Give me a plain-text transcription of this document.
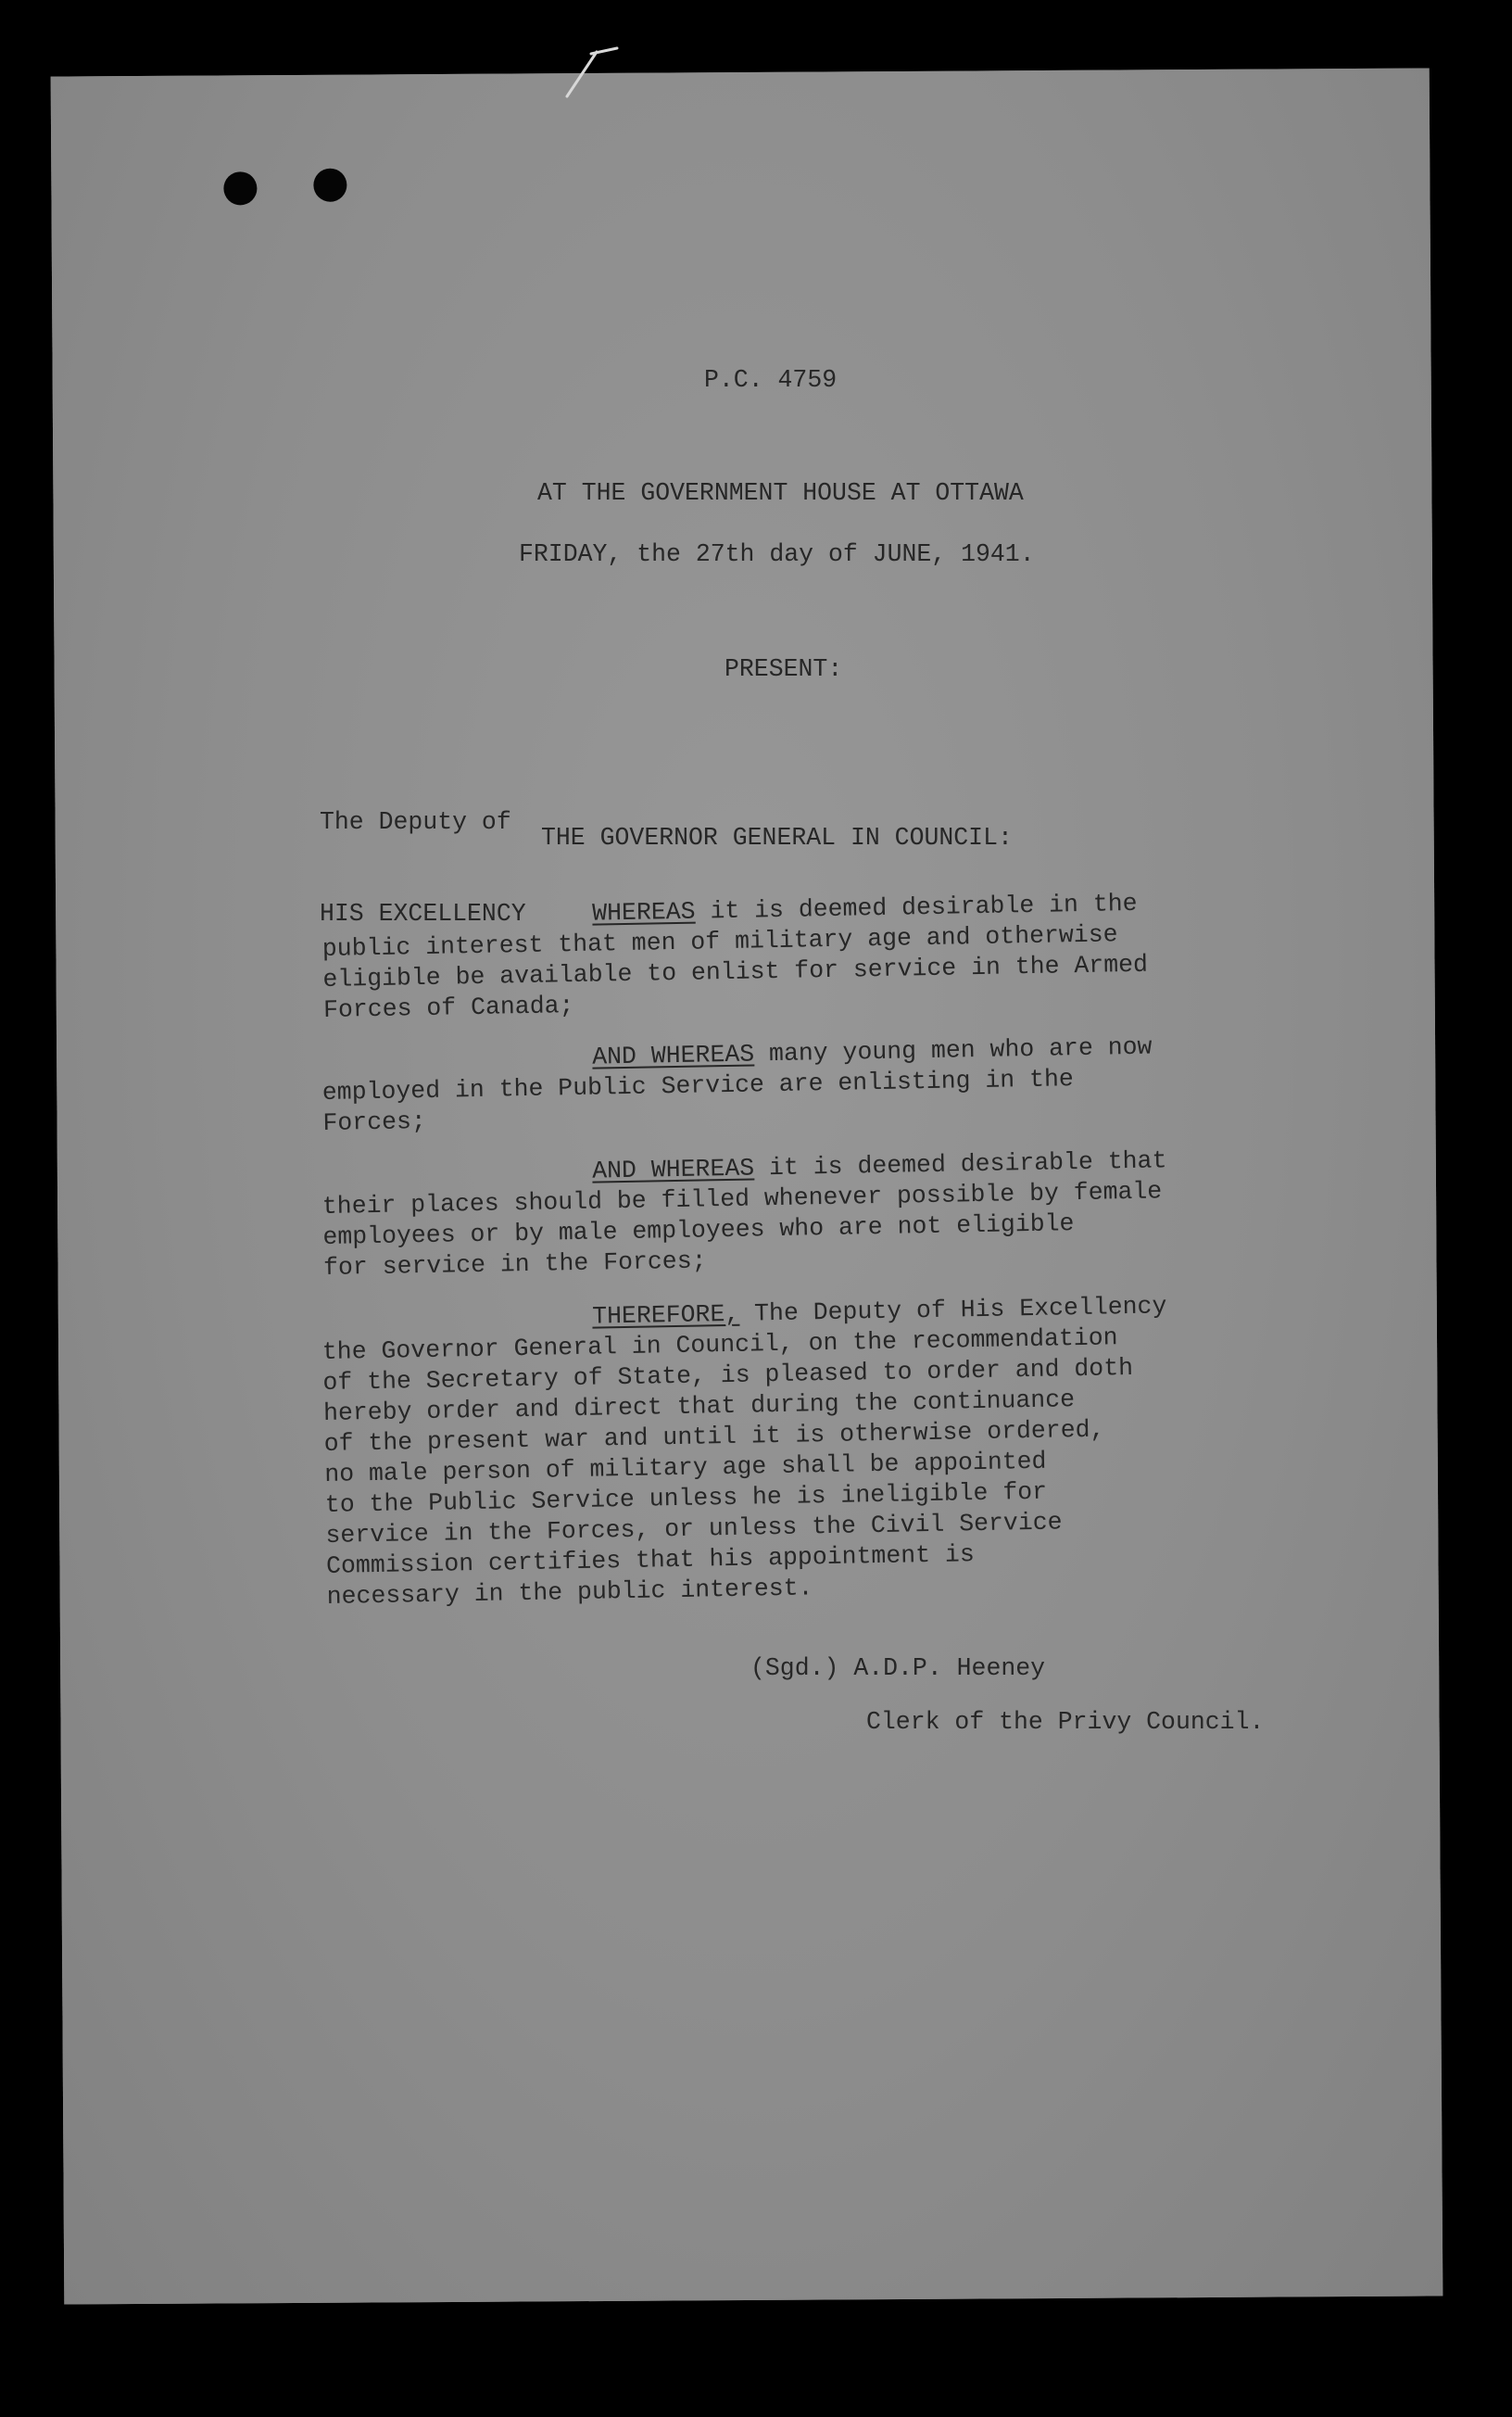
P.C. 4759
AT THE GOVERNMENT HOUSE AT OTTAWA
FRIDAY, the 27th day of JUNE, 1941.
PRESENT:

The Deputy of

HIS EXCELLENCY

THE GOVERNOR GENERAL IN COUNCIL:
WHEREAS it is deemed desirable in the
public interest that men of military age and otherwise
eligible be available to enlist for service in the Armed
Forces of Canada;
AND WHEREAS many young men who are now
employed in the Public Service are enlisting in the
Forces;
AND WHEREAS it is deemed desirable that
their places should be filled whenever possible by female
employees or by male employees who are not eligible
for service in the Forces;
THEREFORE, The Deputy of His Excellency
the Governor General in Council, on the recommendation
of the Secretary of State, is pleased to order and doth
hereby order and direct that during the continuance
of the present war and until it is otherwise ordered,
no male person of military age shall be appointed
to the Public Service unless he is ineligible for
service in the Forces, or unless the Civil Service
Commission certifies that his appointment is
necessary in the public interest.
(Sgd.) A.D.P. Heeney
Clerk of the Privy Council.
